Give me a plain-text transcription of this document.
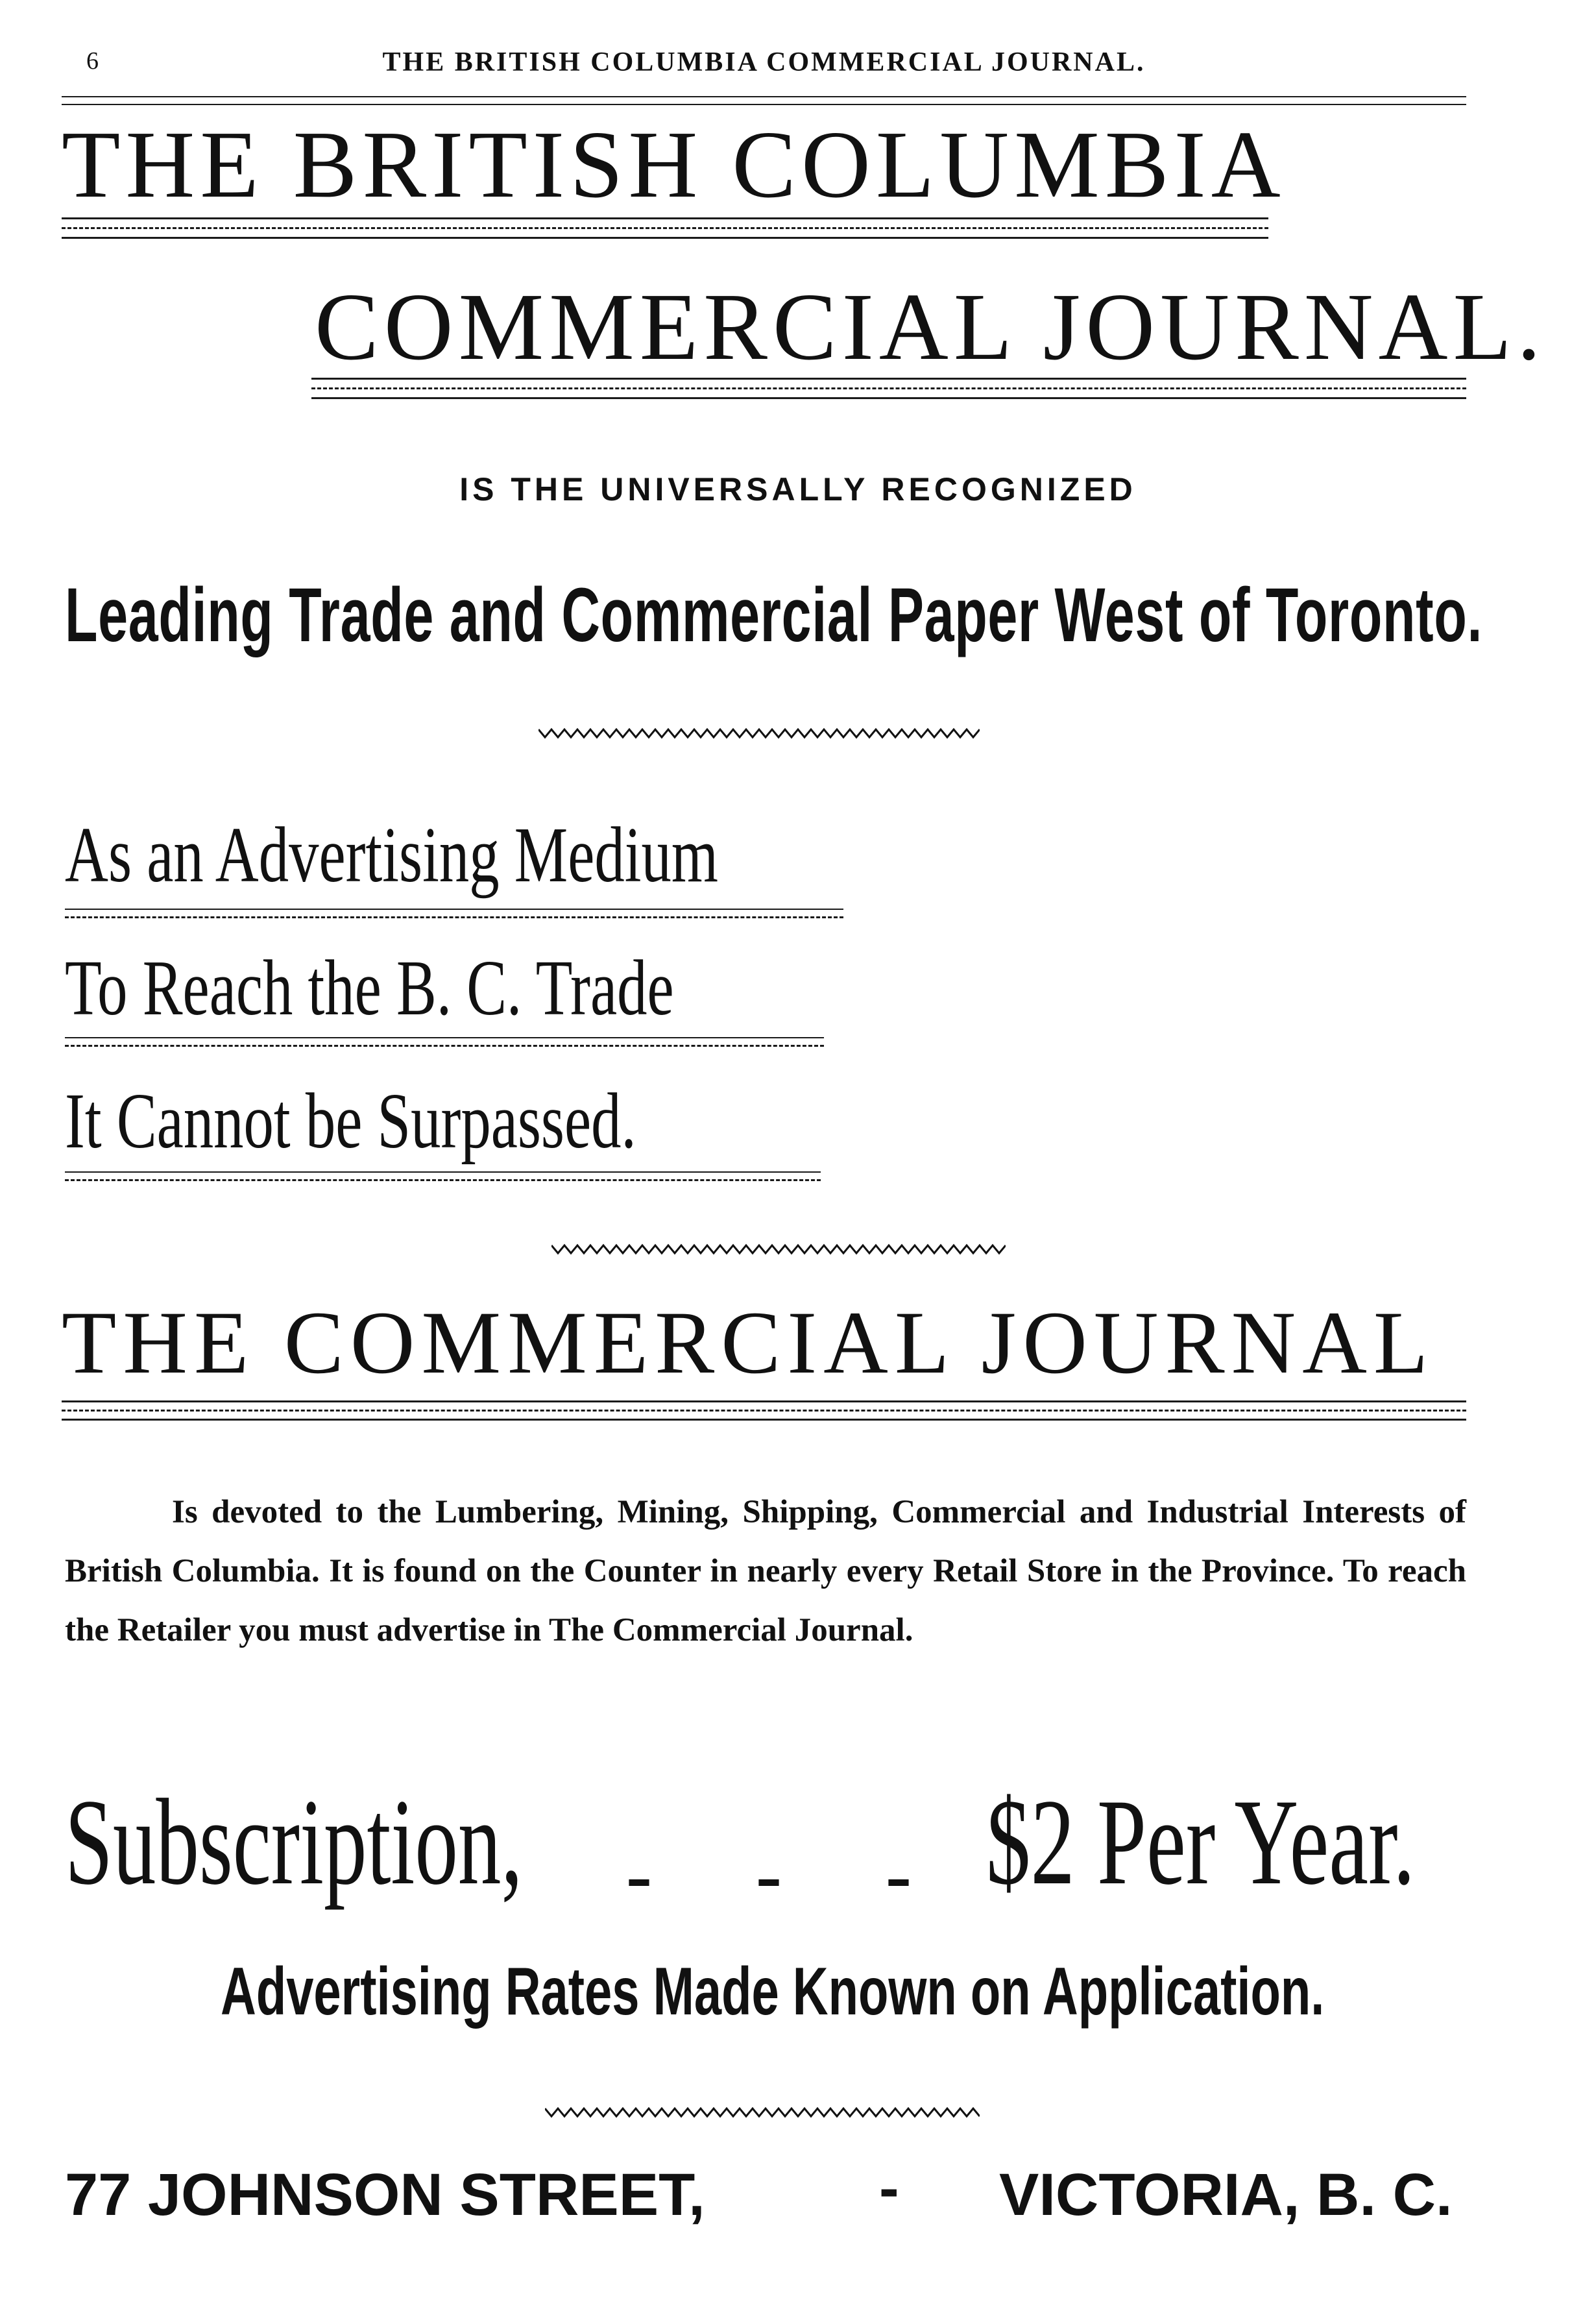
6	THE BRITISH COLUMBIA COMMERCIAL JOURNAL.
THE BRITISH COLUMBIA
COMMERCIAL JOURNAL.
IS THE UNIVERSALLY RECOGNIZED
Leading Trade and Commercial Paper West of Toronto.
As an Advertising Medium
To Reach the B. C. Trade
It Cannot be Surpassed.
THE COMMERCIAL JOURNAL
Is devoted to the Lumbering, Mining, Shipping, Commercial and Industrial Interests of British Columbia. It is found on the Counter in nearly every Retail Store in the Province. To reach the Retailer you must advertise in The Commercial Journal.
Subscription, - - - $2 Per Year.
Advertising Rates Made Known on Application.
77 JOHNSON STREET,	- VICTORIA, B. C.
